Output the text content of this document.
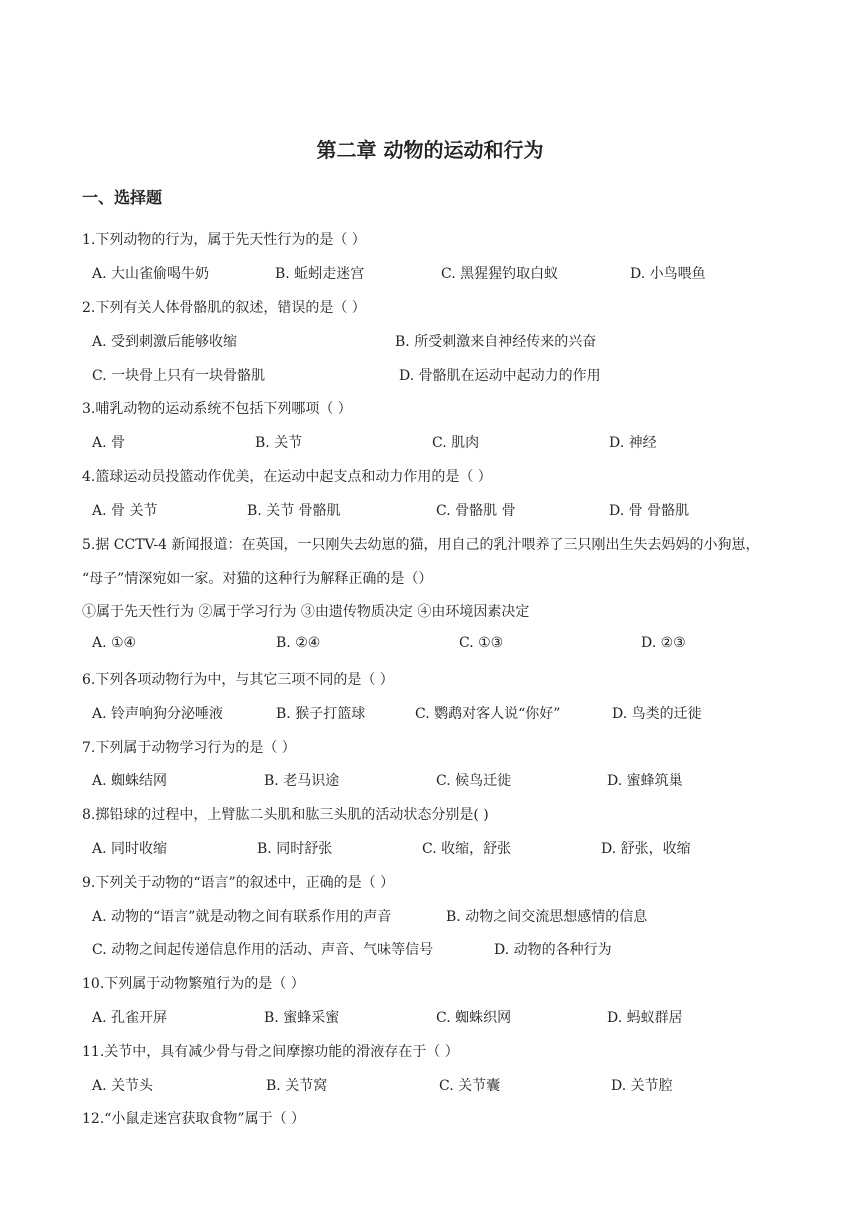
第二章 动物的运动和行为
一、选择题
1.下列动物的行为，属于先天性行为的是（ ）
A. 大山雀偷喝牛奶	B. 蚯蚓走迷宫	C. 黑猩猩钓取白蚁	D. 小鸟喂鱼
2.下列有关人体骨骼肌的叙述，错误的是（ ）
A. 受到刺激后能够收缩	B. 所受刺激来自神经传来的兴奋
C. 一块骨上只有一块骨骼肌	D. 骨骼肌在运动中起动力的作用
3.哺乳动物的运动系统不包括下列哪项（ ）
A. 骨	B. 关节	C. 肌肉	D. 神经
4.篮球运动员投篮动作优美，在运动中起支点和动力作用的是（ ）
A. 骨 关节	B. 关节 骨骼肌	C. 骨骼肌 骨	D. 骨 骨骼肌
5.据 CCTV-4 新闻报道：在英国，一只刚失去幼崽的猫，用自己的乳汁喂养了三只刚出生失去妈妈的小狗崽，
“母子”情深宛如一家。对猫的这种行为解释正确的是（）
①属于先天性行为 ②属于学习行为 ③由遗传物质决定 ④由环境因素决定
A. ①④	B. ②④	C. ①③	D. ②③
6.下列各项动物行为中，与其它三项不同的是（ ）
A. 铃声响狗分泌唾液	B. 猴子打篮球	C. 鹦鹉对客人说“你好”	D. 鸟类的迁徙
7.下列属于动物学习行为的是（ ）
A. 蜘蛛结网	B. 老马识途	C. 候鸟迁徙	D. 蜜蜂筑巢
8.掷铅球的过程中，上臂肱二头肌和肱三头肌的活动状态分别是( )
A. 同时收缩	B. 同时舒张	C. 收缩，舒张	D. 舒张，收缩
9.下列关于动物的“语言”的叙述中，正确的是（ ）
A. 动物的“语言”就是动物之间有联系作用的声音	B. 动物之间交流思想感情的信息
C. 动物之间起传递信息作用的活动、声音、气味等信号	D. 动物的各种行为
10.下列属于动物繁殖行为的是（ ）
A. 孔雀开屏	B. 蜜蜂采蜜	C. 蜘蛛织网	D. 蚂蚁群居
11.关节中，具有减少骨与骨之间摩擦功能的滑液存在于（ ）
A. 关节头	B. 关节窝	C. 关节囊	D. 关节腔
12.“小鼠走迷宫获取食物”属于（ ）
